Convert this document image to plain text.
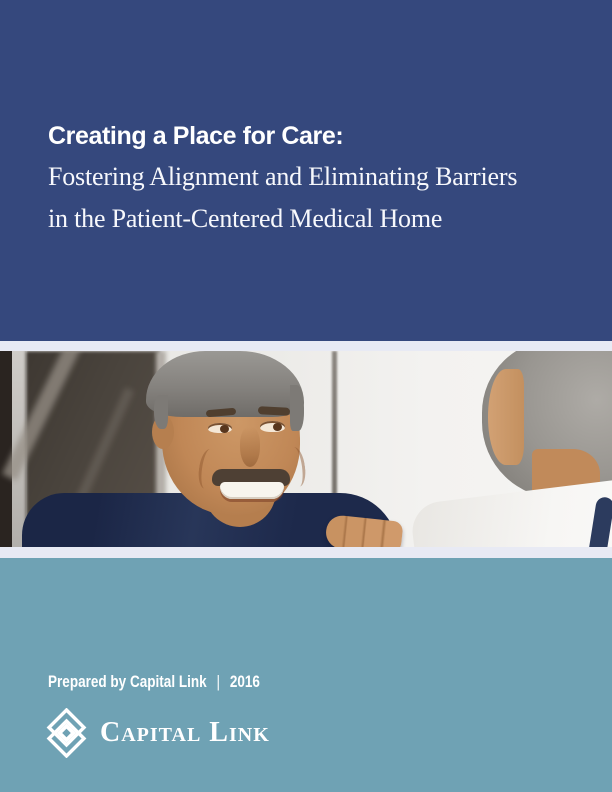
Creating a Place for Care:

Fostering Alignment and Eliminating Barriers

in the Patient-Centered Medical Home

Prepared by Capital Link | 2016

Capital Link
